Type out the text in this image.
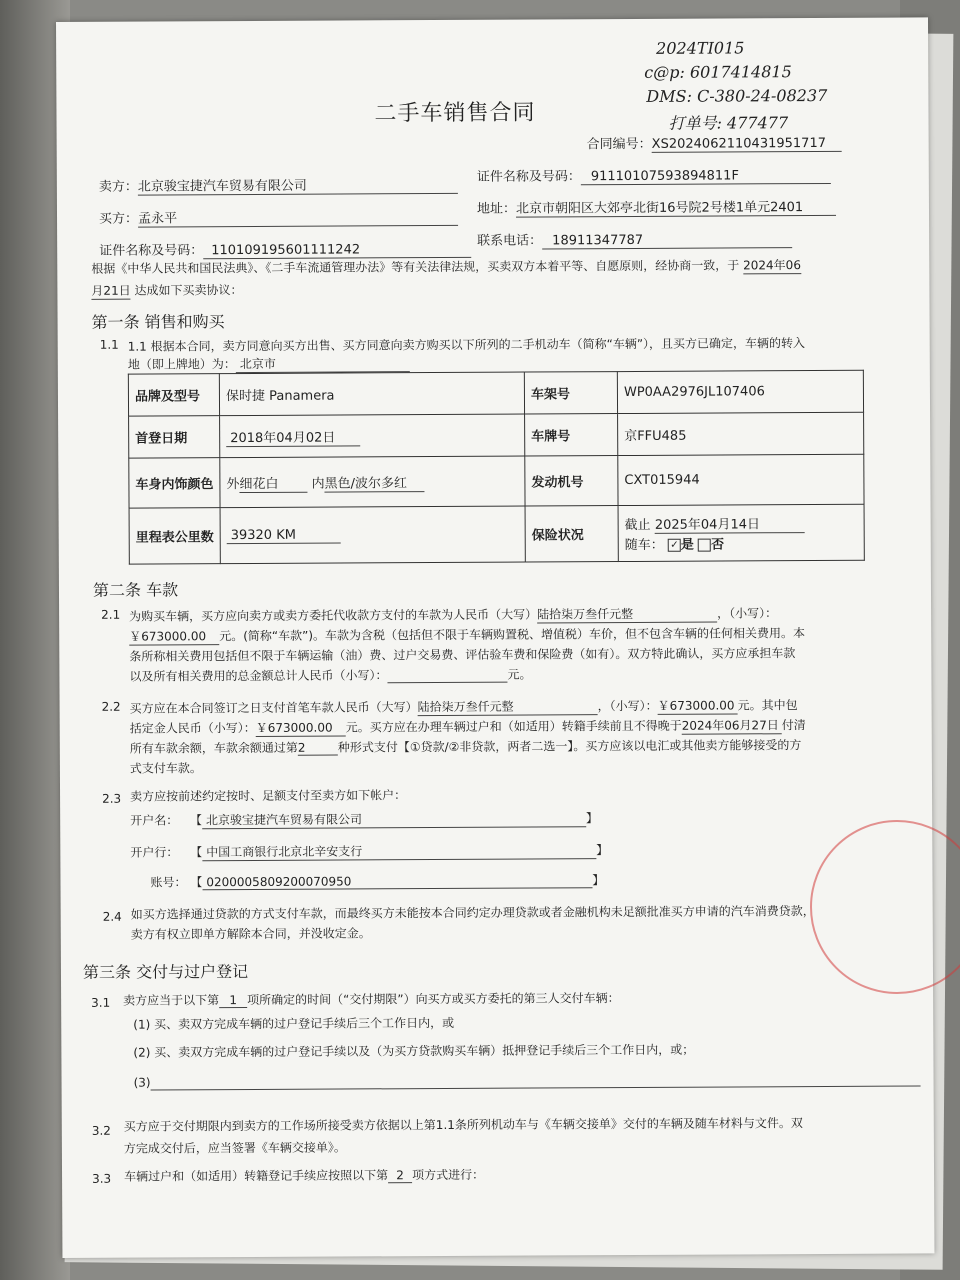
2024TI015
c@p: 6017414815
DMS: C-380-24-08237
打单号: 477477
二手车销售合同
合同编号：XS2024062110431951717
卖方：北京骏宝捷汽车贸易有限公司
证件名称及号码： 91110107593894811F
买方：孟永平
地址：北京市朝阳区大郊亭北街16号院2号楼1单元2401
证件名称及号码： 110109195601111242
联系电话： 18911347787
根据《中华人民共和国民法典》、《二手车流通管理办法》等有关法律法规，买卖双方本着平等、自愿原则，经协商一致，于 2024年06
月21日 达成如下买卖协议：
第一条 销售和购买
1.1 1.1 根据本合同，卖方同意向买方出售、买方同意向卖方购买以下所列的二手机动车（简称“车辆”），且买方已确定，车辆的转入
地（即上牌地）为： 北京市
品牌及型号	保时捷 Panamera	车架号	WP0AA2976JL107406
首登日期	2018年04月02日	车牌号	京FFU485
车身内饰颜色	外细花白 内黑色/波尔多红	发动机号	CXT015944
里程表公里数	39320 KM	保险状况	截止 2025年04月14日
随车： ✓ 是 否
第二条 车款
2.1 为购买车辆，买方应向卖方或卖方委托代收款方支付的车款为人民币（大写）陆拾柒万叁仟元整	，（小写）：
￥673000.00 元。(简称“车款”)。车款为含税（包括但不限于车辆购置税、增值税）车价，但不包含车辆的任何相关费用。本
条所称相关费用包括但不限于车辆运输（油）费、过户交易费、评估验车费和保险费（如有）。双方特此确认，买方应承担车款
以及所有相关费用的总金额总计人民币（小写）：	元。
2.2 买方应在本合同签订之日支付首笔车款人民币（大写）陆拾柒万叁仟元整	，（小写）：￥673000.00 元。其中包
括定金人民币（小写）：￥673000.00 元。买方应在办理车辆过户和（如适用）转籍手续前且不得晚于2024年06月27日 付清
所有车款余额，车款余额通过第2	种形式支付【①贷款/②非贷款，两者二选一】。买方应该以电汇或其他卖方能够接受的方
式支付车款。
2.3 卖方应按前述约定按时、足额支付至卖方如下帐户：
开户名： 【 北京骏宝捷汽车贸易有限公司	】
开户行： 【 中国工商银行北京北辛安支行	】
账号： 【 0200005809200070950	】
2.4 如买方选择通过贷款的方式支付车款，而最终买方未能按本合同约定办理贷款或者金融机构未足额批准买方申请的汽车消费贷款，
卖方有权立即单方解除本合同，并没收定金。
第三条 交付与过户登记
3.1 卖方应当于以下第 1 项所确定的时间（“交付期限”）向买方或买方委托的第三人交付车辆：
(1) 买、卖双方完成车辆的过户登记手续后三个工作日内，或
(2) 买、卖双方完成车辆的过户登记手续以及（为买方贷款购买车辆）抵押登记手续后三个工作日内，或；
(3)
3.2 买方应于交付期限内到卖方的工作场所接受卖方依据以上第1.1条所列机动车与《车辆交接单》交付的车辆及随车材料与文件。双
方完成交付后，应当签署《车辆交接单》。
3.3 车辆过户和（如适用）转籍登记手续应按照以下第 2 项方式进行：
